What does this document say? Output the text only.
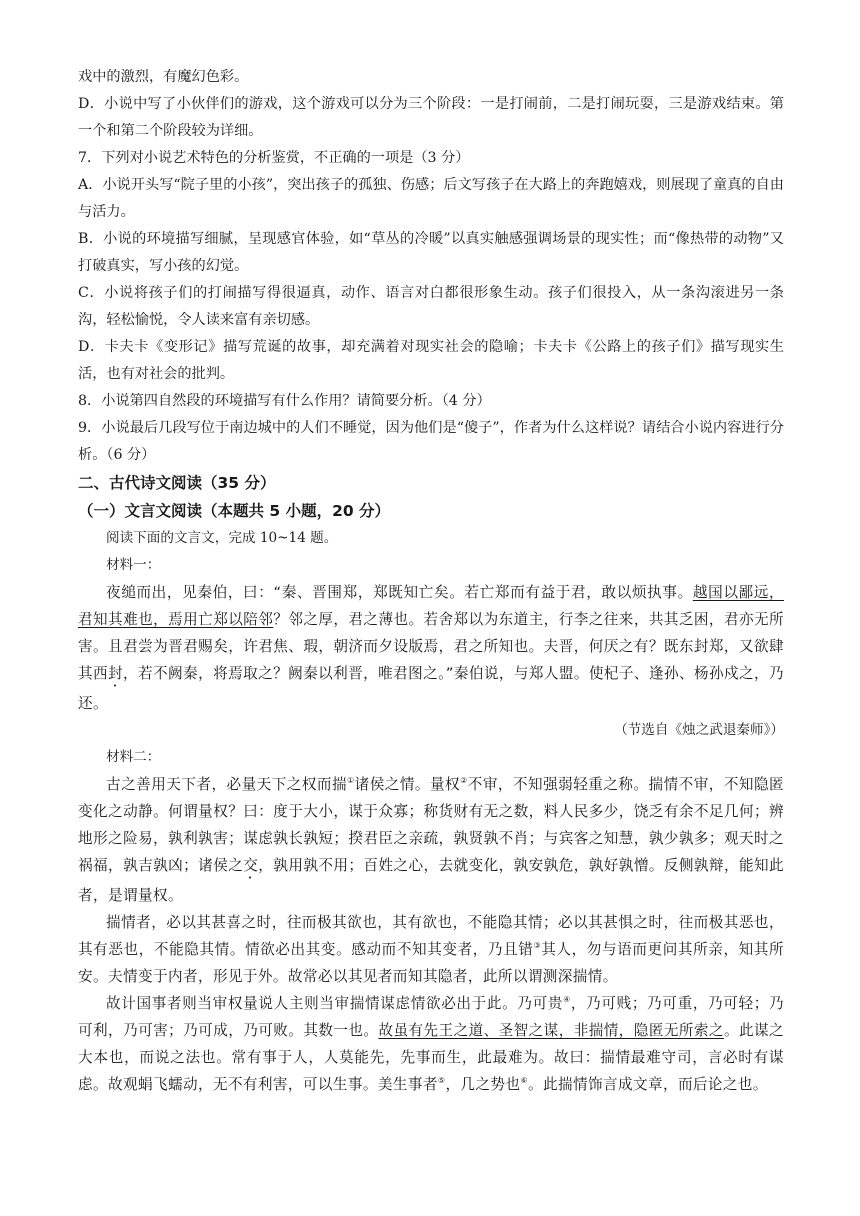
戏中的激烈，有魔幻色彩。

D．小说中写了小伙伴们的游戏，这个游戏可以分为三个阶段：一是打闹前，二是打闹玩耍，三是游戏结束。第一个和第二个阶段较为详细。

7．下列对小说艺术特色的分析鉴赏，不正确的一项是（3 分）

A．小说开头写“院子里的小孩”，突出孩子的孤独、伤感；后文写孩子在大路上的奔跑嬉戏，则展现了童真的自由与活力。

B．小说的环境描写细腻，呈现感官体验，如“草丛的冷暖”以真实触感强调场景的现实性；而“像热带的动物”又打破真实，写小孩的幻觉。

C．小说将孩子们的打闹描写得很逼真，动作、语言对白都很形象生动。孩子们很投入，从一条沟滚进另一条沟，轻松愉悦，令人读来富有亲切感。

D．卡夫卡《变形记》描写荒诞的故事，却充满着对现实社会的隐喻；卡夫卡《公路上的孩子们》描写现实生活，也有对社会的批判。

8．小说第四自然段的环境描写有什么作用？请简要分析。（4 分）

9．小说最后几段写位于南边城中的人们不睡觉，因为他们是“傻子”，作者为什么这样说？请结合小说内容进行分析。（6 分）

二、古代诗文阅读（35 分）

（一）文言文阅读（本题共 5 小题，20 分）

阅读下面的文言文，完成 10~14 题。

材料一：

夜缒而出，见秦伯，曰：“秦、晋围郑，郑既知亡矣。若亡郑而有益于君，敢以烦执事。越国以鄙远，君知其难也，焉用亡郑以陪邻？邻之厚，君之薄也。若舍郑以为东道主，行李之往来，共其乏困，君亦无所害。且君尝为晋君赐矣，许君焦、瑕，朝济而夕设版焉，君之所知也。夫晋，何厌之有？既东封郑，又欲肆其西封，若不阙秦，将焉取之？阙秦以利晋，唯君图之。”秦伯说，与郑人盟。使杞子、逢孙、杨孙戍之，乃还。

（节选自《烛之武退秦师》）

材料二：

古之善用天下者，必量天下之权而揣①诸侯之情。量权②不审，不知强弱轻重之称。揣情不审，不知隐匿变化之动静。何谓量权？曰：度于大小，谋于众寡；称货财有无之数，料人民多少，饶乏有余不足几何；辨地形之险易，孰利孰害；谋虑孰长孰短；揆君臣之亲疏，孰贤孰不肖；与宾客之知慧，孰少孰多；观天时之祸福，孰吉孰凶；诸侯之交，孰用孰不用；百姓之心，去就变化，孰安孰危，孰好孰憎。反侧孰辩，能知此者，是谓量权。

揣情者，必以其甚喜之时，往而极其欲也，其有欲也，不能隐其情；必以其甚惧之时，往而极其恶也，其有恶也，不能隐其情。情欲必出其变。感动而不知其变者，乃且错③其人，勿与语而更问其所亲，知其所安。夫情变于内者，形见于外。故常必以其见者而知其隐者，此所以谓测深揣情。

故计国事者则当审权量说人主则当审揣情谋虑情欲必出于此。乃可贵④，乃可贱；乃可重，乃可轻；乃可利，乃可害；乃可成，乃可败。其数一也。故虽有先王之道、圣智之谋，非揣情，隐匿无所索之。此谋之大本也，而说之法也。常有事于人，人莫能先，先事而生，此最难为。故曰：揣情最难守司，言必时有谋虑。故观蜎飞蠕动，无不有利害，可以生事。美生事者⑤，几之势也⑥。此揣情饰言成文章，而后论之也。
